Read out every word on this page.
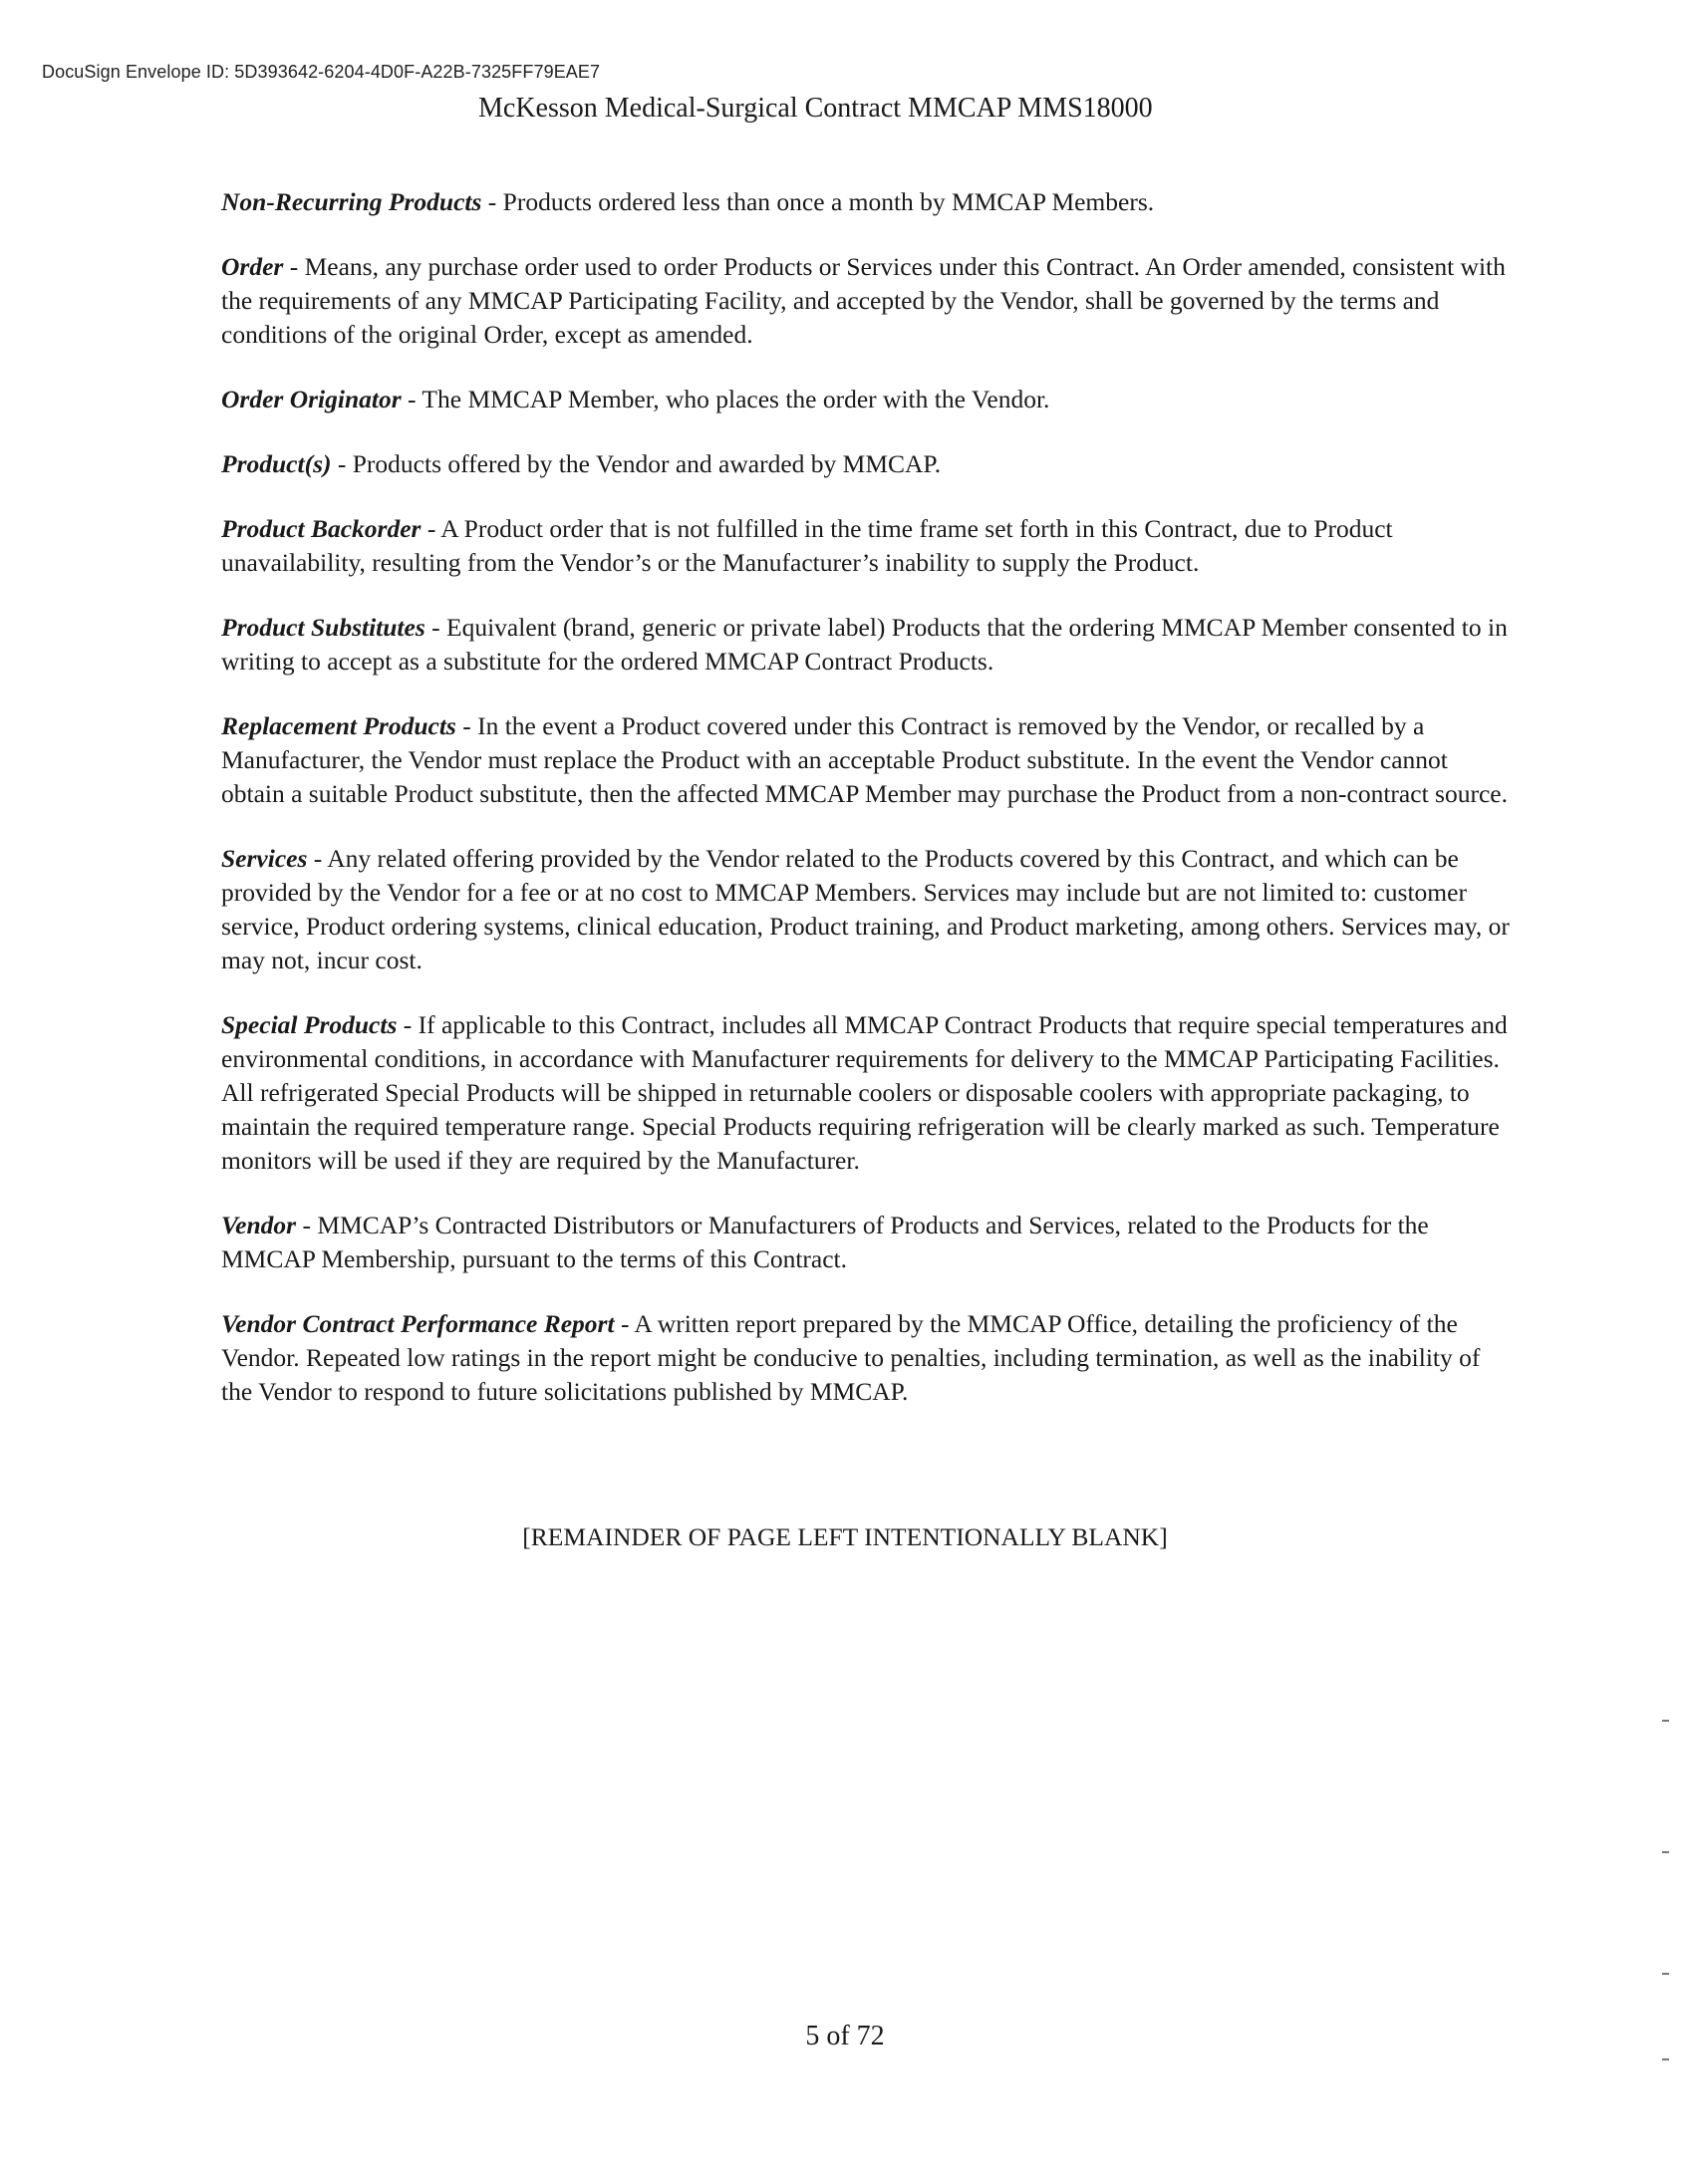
DocuSign Envelope ID: 5D393642-6204-4D0F-A22B-7325FF79EAE7
McKesson Medical-Surgical Contract MMCAP MMS18000

Non-Recurring Products - Products ordered less than once a month by MMCAP Members.

Order - Means, any purchase order used to order Products or Services under this Contract. An Order amended, consistent with the requirements of any MMCAP Participating Facility, and accepted by the Vendor, shall be governed by the terms and conditions of the original Order, except as amended.

Order Originator - The MMCAP Member, who places the order with the Vendor.

Product(s) - Products offered by the Vendor and awarded by MMCAP.

Product Backorder - A Product order that is not fulfilled in the time frame set forth in this Contract, due to Product unavailability, resulting from the Vendor’s or the Manufacturer’s inability to supply the Product.

Product Substitutes - Equivalent (brand, generic or private label) Products that the ordering MMCAP Member consented to in writing to accept as a substitute for the ordered MMCAP Contract Products.

Replacement Products - In the event a Product covered under this Contract is removed by the Vendor, or recalled by a Manufacturer, the Vendor must replace the Product with an acceptable Product substitute. In the event the Vendor cannot obtain a suitable Product substitute, then the affected MMCAP Member may purchase the Product from a non-contract source.

Services - Any related offering provided by the Vendor related to the Products covered by this Contract, and which can be provided by the Vendor for a fee or at no cost to MMCAP Members. Services may include but are not limited to: customer service, Product ordering systems, clinical education, Product training, and Product marketing, among others. Services may, or may not, incur cost.

Special Products - If applicable to this Contract, includes all MMCAP Contract Products that require special temperatures and environmental conditions, in accordance with Manufacturer requirements for delivery to the MMCAP Participating Facilities. All refrigerated Special Products will be shipped in returnable coolers or disposable coolers with appropriate packaging, to maintain the required temperature range. Special Products requiring refrigeration will be clearly marked as such. Temperature monitors will be used if they are required by the Manufacturer.

Vendor - MMCAP’s Contracted Distributors or Manufacturers of Products and Services, related to the Products for the MMCAP Membership, pursuant to the terms of this Contract.

Vendor Contract Performance Report - A written report prepared by the MMCAP Office, detailing the proficiency of the Vendor. Repeated low ratings in the report might be conducive to penalties, including termination, as well as the inability of the Vendor to respond to future solicitations published by MMCAP.

[REMAINDER OF PAGE LEFT INTENTIONALLY BLANK]
5 of 72
